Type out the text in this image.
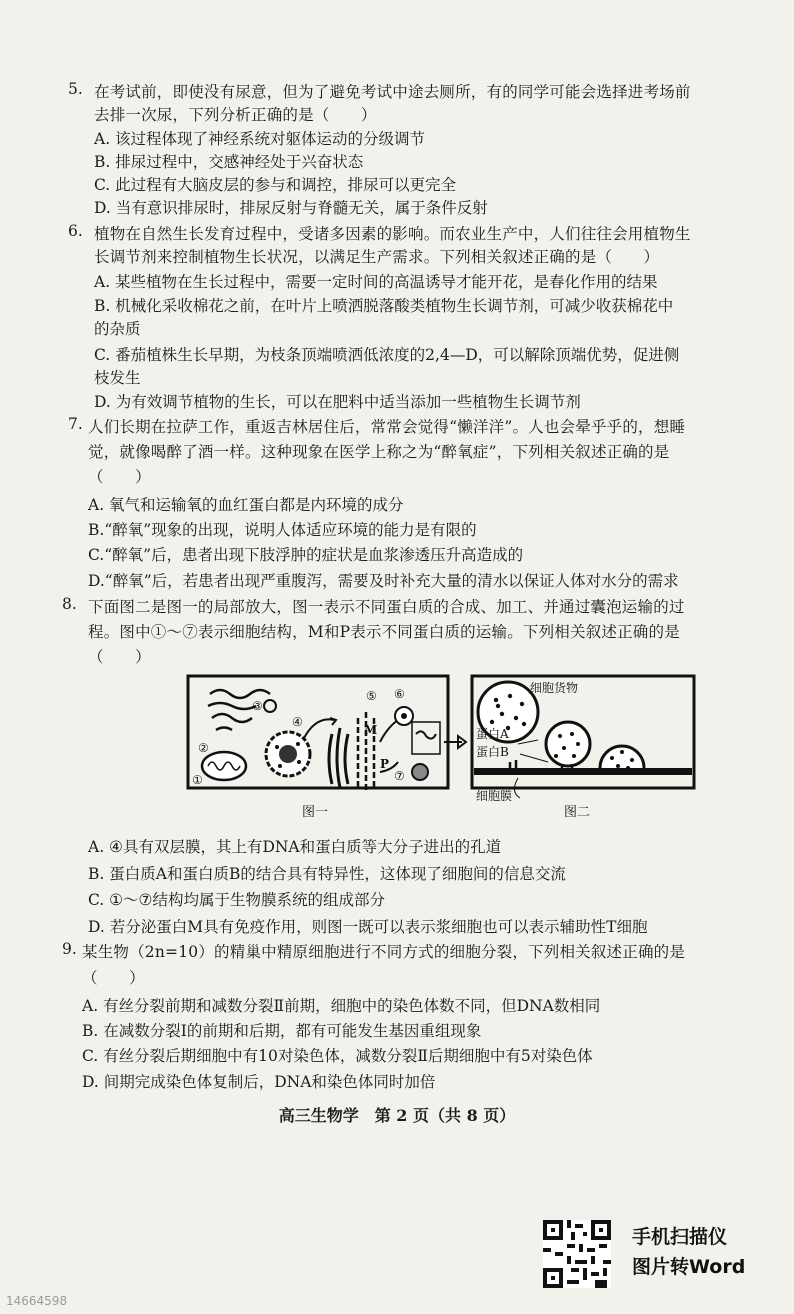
5. 在考试前，即使没有尿意，但为了避免考试中途去厕所，有的同学可能会选择进考场前
去排一次尿，下列分析正确的是（　　）
A. 该过程体现了神经系统对躯体运动的分级调节
B. 排尿过程中，交感神经处于兴奋状态
C. 此过程有大脑皮层的参与和调控，排尿可以更完全
D. 当有意识排尿时，排尿反射与脊髓无关，属于条件反射
6. 植物在自然生长发育过程中，受诸多因素的影响。而农业生产中，人们往往会用植物生
长调节剂来控制植物生长状况，以满足生产需求。下列相关叙述正确的是（　　）
A. 某些植物在生长过程中，需要一定时间的高温诱导才能开花，是春化作用的结果
B. 机械化采收棉花之前，在叶片上喷洒脱落酸类植物生长调节剂，可减少收获棉花中
的杂质
C. 番茄植株生长早期，为枝条顶端喷洒低浓度的2,4—D，可以解除顶端优势，促进侧
枝发生
D. 为有效调节植物的生长，可以在肥料中适当添加一些植物生长调节剂
7. 人们长期在拉萨工作，重返吉林居住后，常常会觉得“懒洋洋”。人也会晕乎乎的，想睡
觉，就像喝醉了酒一样。这种现象在医学上称之为“醉氧症”，下列相关叙述正确的是
（　　）
A. 氧气和运输氧的血红蛋白都是内环境的成分
B.“醉氧”现象的出现，说明人体适应环境的能力是有限的
C.“醉氧”后，患者出现下肢浮肿的症状是血浆渗透压升高造成的
D.“醉氧”后，若患者出现严重腹泻，需要及时补充大量的清水以保证人体对水分的需求
8. 下面图二是图一的局部放大，图一表示不同蛋白质的合成、加工、并通过囊泡运输的过
程。图中①～⑦表示细胞结构，M和P表示不同蛋白质的运输。下列相关叙述正确的是
（　　）
①
②
③
④
⑤ ⑥
⑦
M
P
细胞货物
蛋白A
蛋白B
细胞膜
图一	图二
A. ④具有双层膜，其上有DNA和蛋白质等大分子进出的孔道
B. 蛋白质A和蛋白质B的结合具有特异性，这体现了细胞间的信息交流
C. ①～⑦结构均属于生物膜系统的组成部分
D. 若分泌蛋白M具有免疫作用，则图一既可以表示浆细胞也可以表示辅助性T细胞
9. 某生物（2n=10）的精巢中精原细胞进行不同方式的细胞分裂，下列相关叙述正确的是
（　　）
A. 有丝分裂前期和减数分裂Ⅱ前期，细胞中的染色体数不同，但DNA数相同
B. 在减数分裂Ⅰ的前期和后期，都有可能发生基因重组现象
C. 有丝分裂后期细胞中有10对染色体，减数分裂Ⅱ后期细胞中有5对染色体
D. 间期完成染色体复制后，DNA和染色体同时加倍
高三生物学　第 2 页（共 8 页）
手机扫描仪
图片转Word
14664598
